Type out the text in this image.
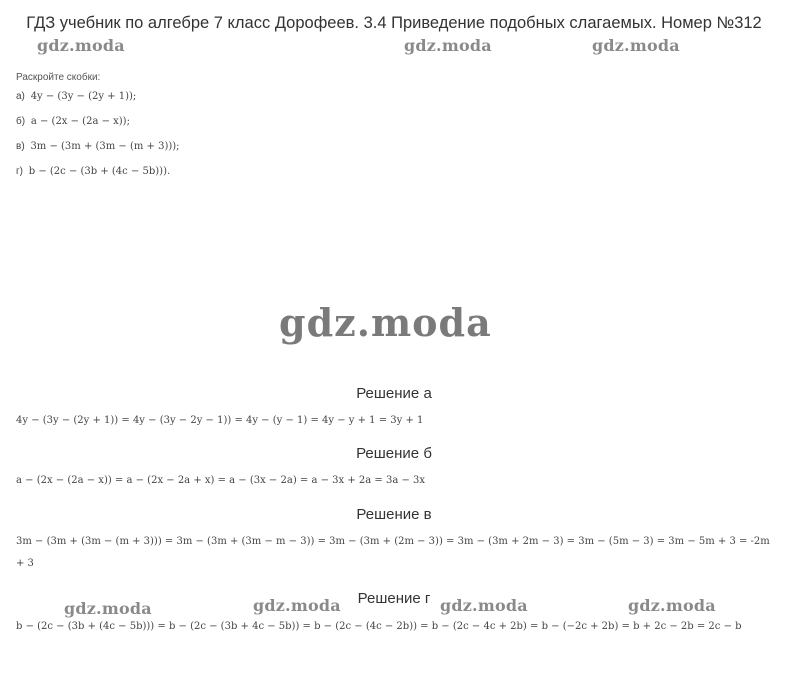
ГДЗ учебник по алгебре 7 класс Дорофеев. 3.4 Приведение подобных слагаемых. Номер №312
gdz.moda	gdz.moda	gdz.moda
gdz.moda
gdz.moda	gdz.moda	gdz.moda	gdz.moda

Раскройте скобки:

а) 4y − (3y − (2y + 1));

б) a − (2x − (2a − x));

в) 3m − (3m + (3m − (m + 3)));

г) b − (2c − (3b + (4c − 5b))).

Решение а

4y − (3y − (2y + 1)) = 4y − (3y − 2y − 1)) = 4y − (y − 1) = 4y − y + 1 = 3y + 1

Решение б

a − (2x − (2a − x)) = a − (2x − 2a + x) = a − (3x − 2a) = a − 3x + 2a = 3a − 3x

Решение в

3m − (3m + (3m − (m + 3))) = 3m − (3m + (3m − m − 3)) = 3m − (3m + (2m − 3)) = 3m − (3m + 2m − 3) = 3m − (5m − 3) = 3m − 5m + 3 = -2m + 3

Решение г

b − (2c − (3b + (4c − 5b))) = b − (2c − (3b + 4c − 5b)) = b − (2c − (4c − 2b)) = b − (2c − 4c + 2b) = b − (−2c + 2b) = b + 2c − 2b = 2c − b
